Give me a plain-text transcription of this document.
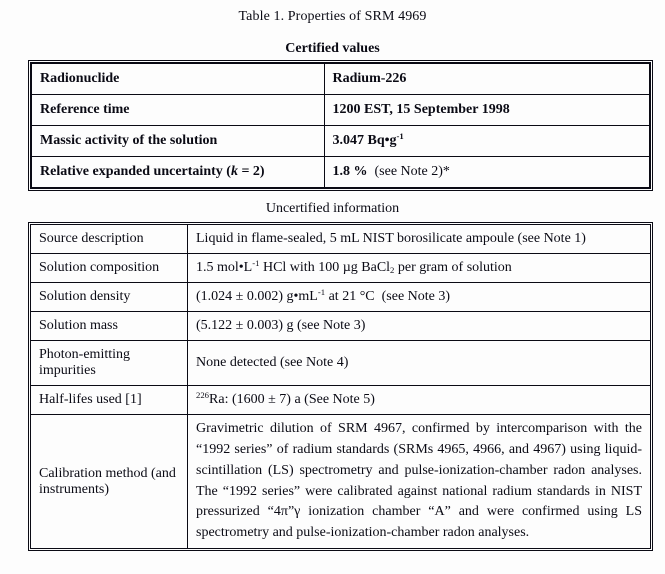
Table 1. Properties of SRM 4969

Certified values

Radionuclide	Radium-226
Reference time	1200 EST, 15 September 1998
Massic activity of the solution	3.047 $Bq•g^{-1}$
Relative expanded uncertainty (k = 2)	1.8 %  (see Note 2)*

Uncertified information

Source description	Liquid in flame-sealed, 5 mL NIST borosilicate ampoule (see Note 1)
Solution composition	1.5 $mol•L^{-1}$ HCl with 100 µg BaCl$_2$ per gram of solution
Solution density	(1.024 ± 0.002) $g•mL^{-1}$ at 21 °C  (see Note 3)
Solution mass	(5.122 ± 0.003) g (see Note 3)
Photon-emitting impurities	None detected (see Note 4)
Half-lifes used [1]	$^{226}$Ra: (1600 ± 7) a (See Note 5)
Calibration method (and instruments)	Gravimetric dilution of SRM 4967, confirmed by intercomparison with the “1992 series” of radium standards (SRMs 4965, 4966, and 4967) using liquid-scintillation (LS) spectrometry and pulse-ionization-chamber radon analyses. The “1992 series” were calibrated against national radium standards in NIST pressurized “4π”γ ionization chamber “A” and were confirmed using LS spectrometry and pulse-ionization-chamber radon analyses.
